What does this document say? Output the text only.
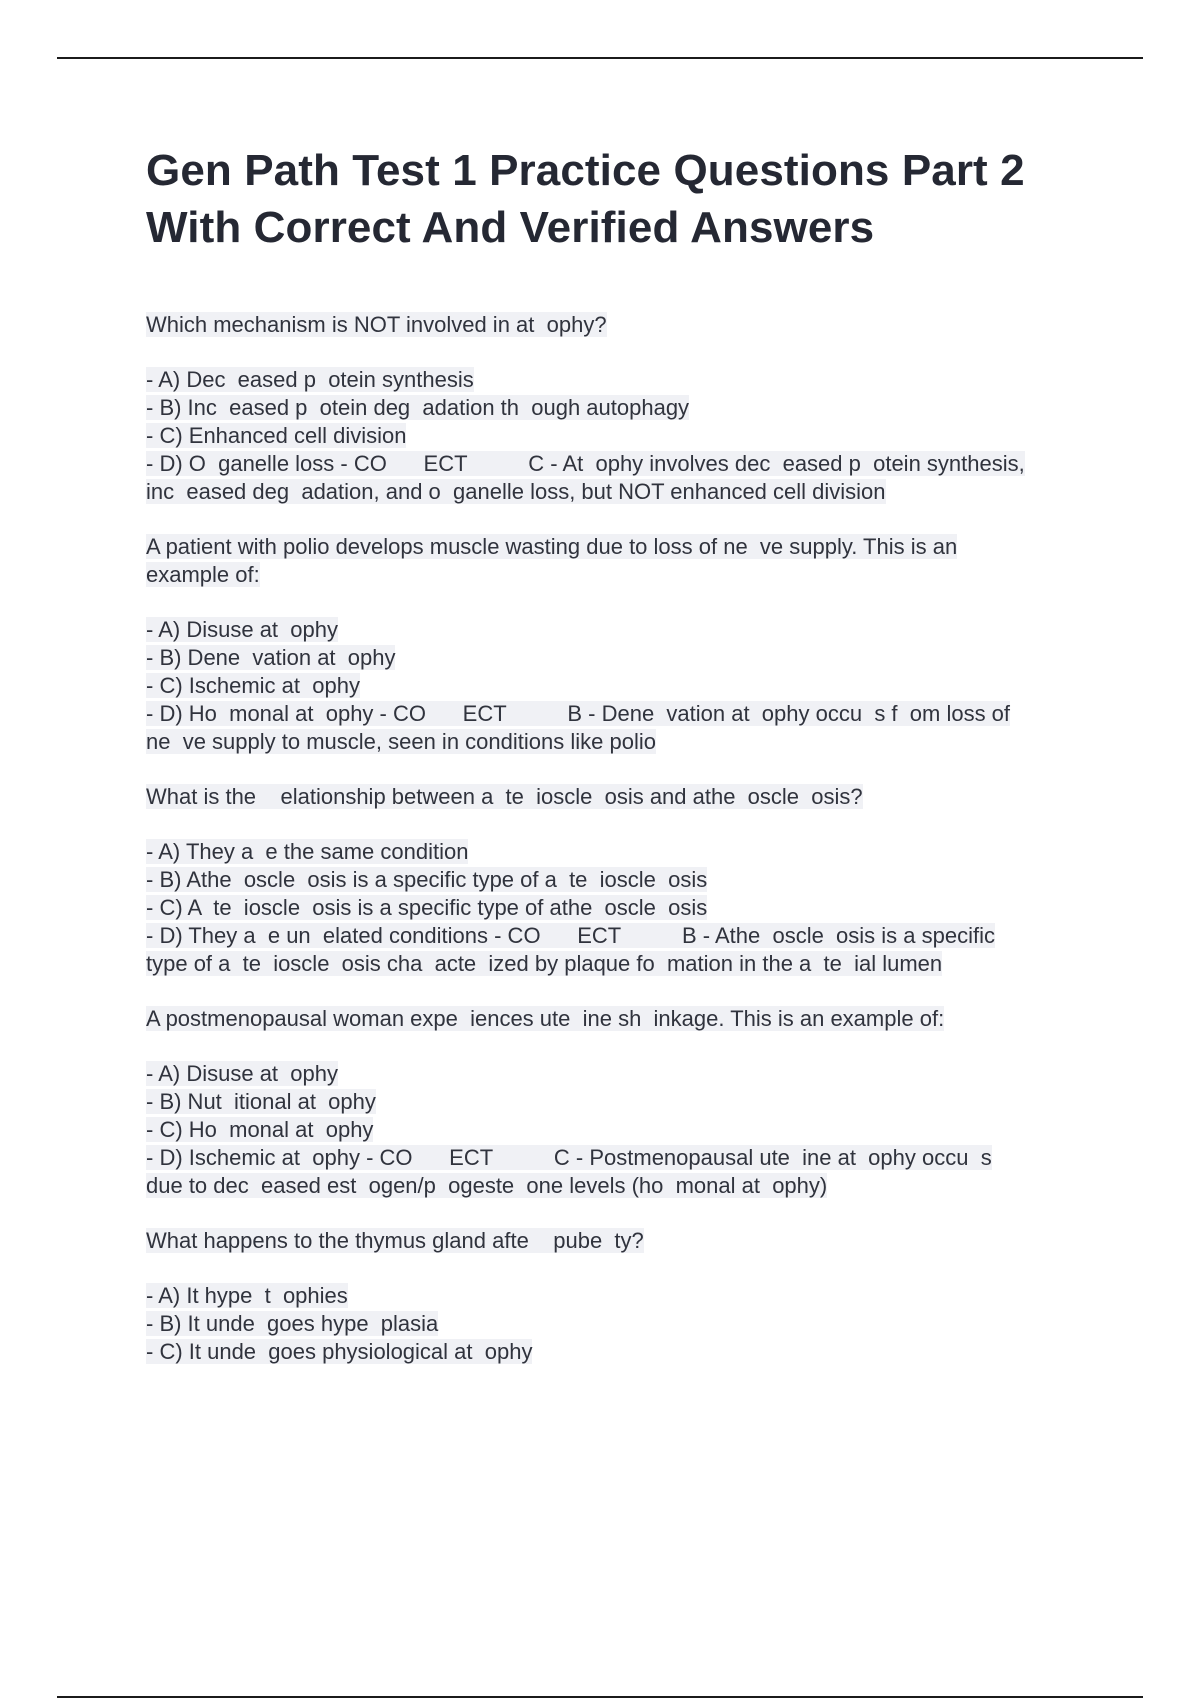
Gen Path Test 1 Practice Questions Part 2 With Correct And Verified Answers
Which mechanism is NOT involved in at  ophy?
- A) Dec  eased p  otein synthesis
- B) Inc  eased p  otein deg  adation th  ough autophagy
- C) Enhanced cell division
- D) O  ganelle loss - CO      ECT          C - At  ophy involves dec  eased p  otein synthesis,
inc  eased deg  adation, and o  ganelle loss, but NOT enhanced cell division
A patient with polio develops muscle wasting due to loss of ne  ve supply. This is an
example of:
- A) Disuse at  ophy
- B) Dene  vation at  ophy
- C) Ischemic at  ophy
- D) Ho  monal at  ophy - CO      ECT          B - Dene  vation at  ophy occu  s f  om loss of
ne  ve supply to muscle, seen in conditions like polio
What is the    elationship between a  te  ioscle  osis and athe  oscle  osis?
- A) They a  e the same condition
- B) Athe  oscle  osis is a specific type of a  te  ioscle  osis
- C) A  te  ioscle  osis is a specific type of athe  oscle  osis
- D) They a  e un  elated conditions - CO      ECT          B - Athe  oscle  osis is a specific
type of a  te  ioscle  osis cha  acte  ized by plaque fo  mation in the a  te  ial lumen
A postmenopausal woman expe  iences ute  ine sh  inkage. This is an example of:
- A) Disuse at  ophy
- B) Nut  itional at  ophy
- C) Ho  monal at  ophy
- D) Ischemic at  ophy - CO      ECT          C - Postmenopausal ute  ine at  ophy occu  s
due to dec  eased est  ogen/p  ogeste  one levels (ho  monal at  ophy)
What happens to the thymus gland afte    pube  ty?
- A) It hype  t  ophies
- B) It unde  goes hype  plasia
- C) It unde  goes physiological at  ophy
